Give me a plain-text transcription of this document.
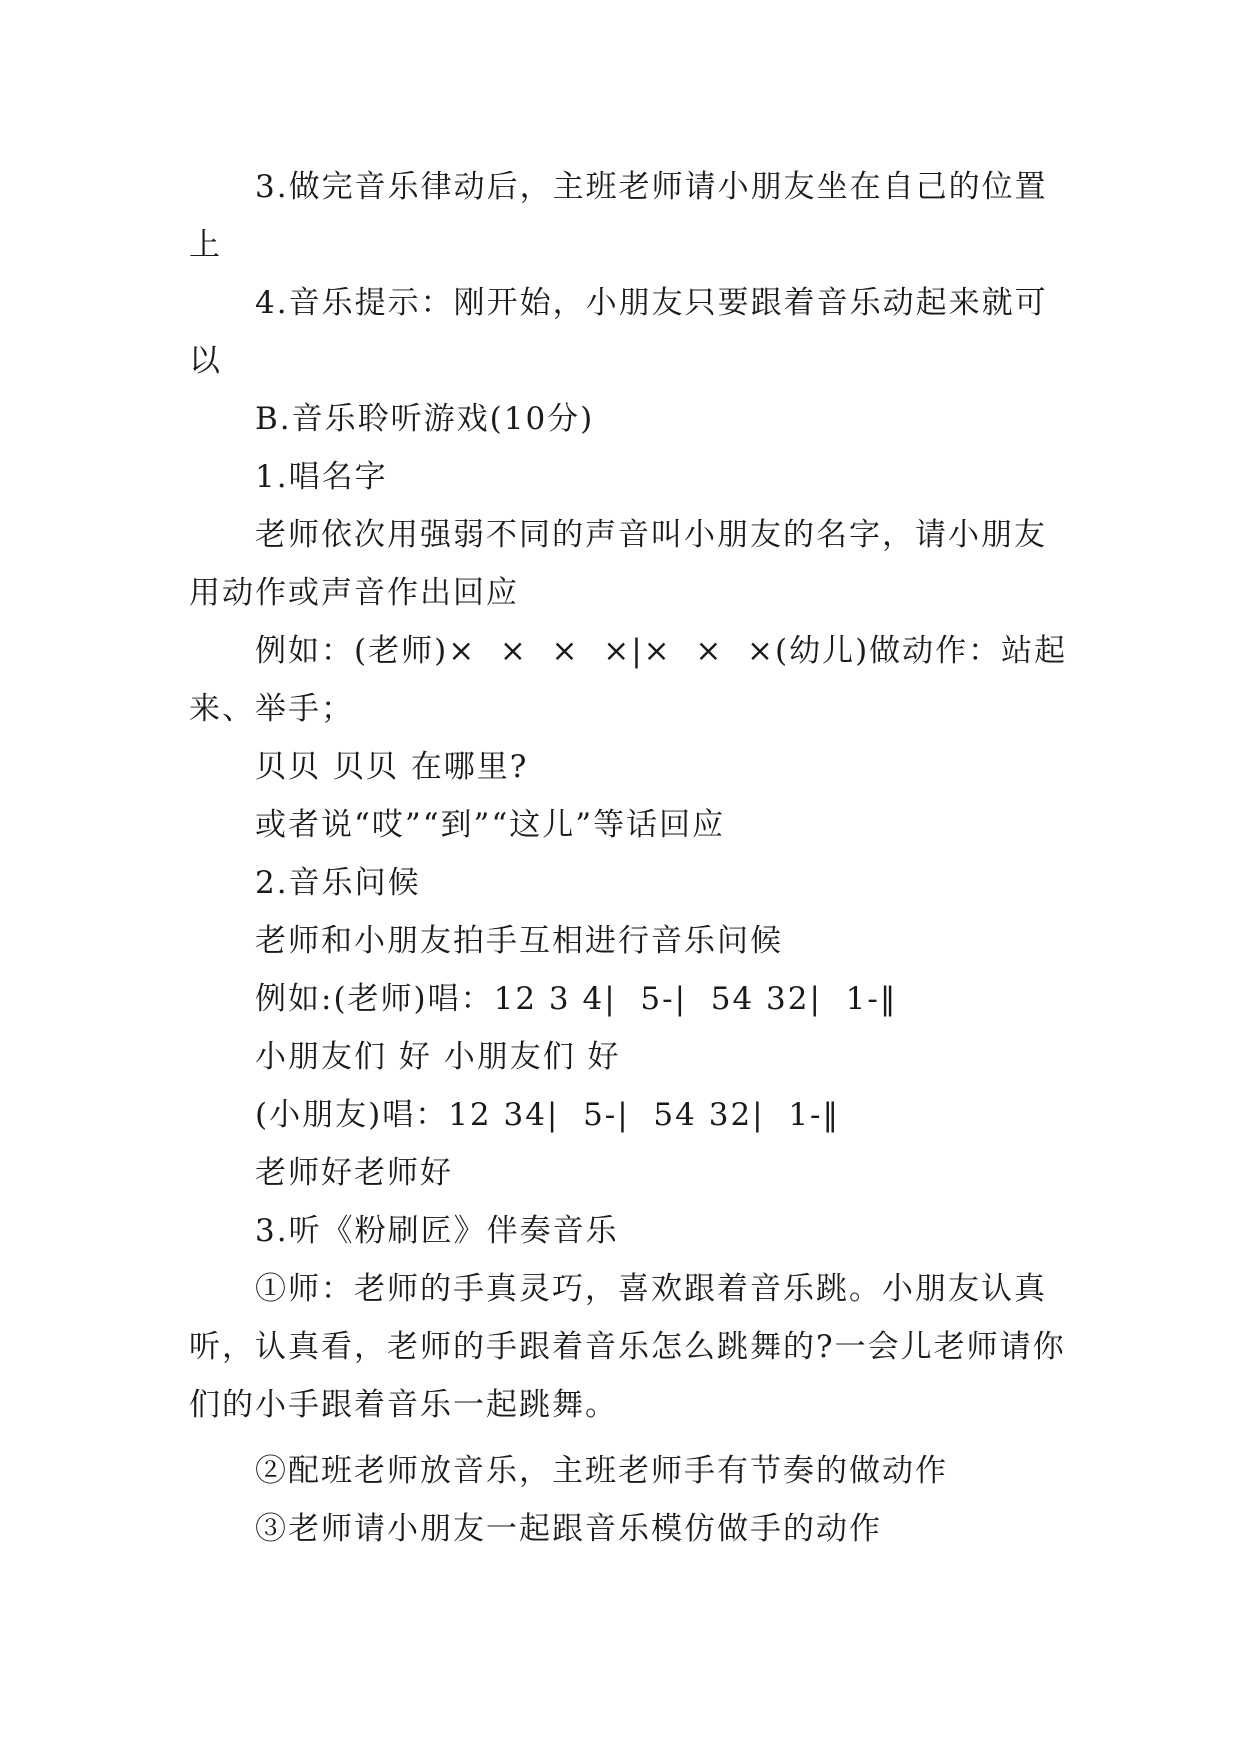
3.做完音乐律动后，主班老师请小朋友坐在自己的位置上

4.音乐提示：刚开始，小朋友只要跟着音乐动起来就可以

B.音乐聆听游戏(10分)

1.唱名字

老师依次用强弱不同的声音叫小朋友的名字，请小朋友用动作或声音作出回应

例如：(老师)×  ×  ×  ×|×  ×  ×(幼儿)做动作：站起来、举手；

贝贝 贝贝 在哪里?

或者说“哎”“到”“这儿”等话回应

2.音乐问候

老师和小朋友拍手互相进行音乐问候

例如:(老师)唱：12 3 4|  5-|  54 32|  1-‖

小朋友们 好 小朋友们 好

(小朋友)唱：12 34|  5-|  54 32|  1-‖

老师好老师好

3.听《粉刷匠》伴奏音乐

①师：老师的手真灵巧，喜欢跟着音乐跳。小朋友认真听，认真看，老师的手跟着音乐怎么跳舞的?一会儿老师请你们的小手跟着音乐一起跳舞。

②配班老师放音乐，主班老师手有节奏的做动作

③老师请小朋友一起跟音乐模仿做手的动作
